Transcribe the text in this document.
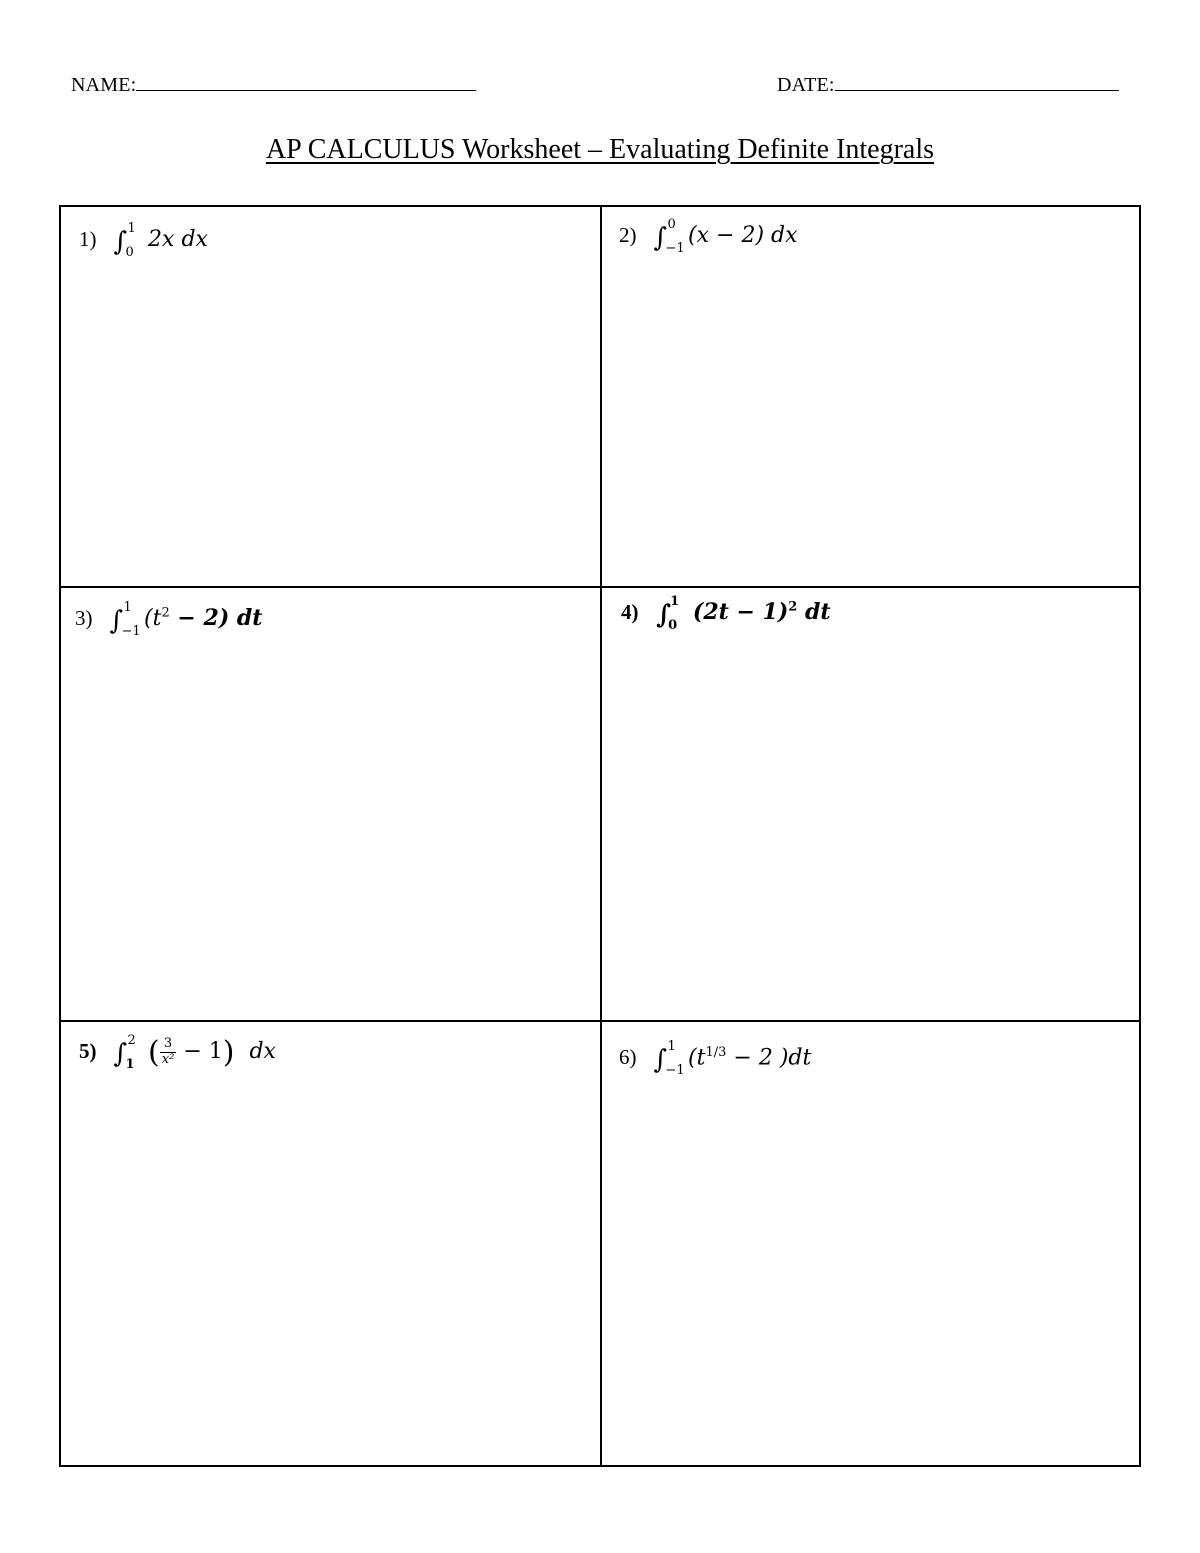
NAME:	DATE:
AP CALCULUS Worksheet – Evaluating Definite Integrals
1) ∫ 1
0
2x dx	2) ∫ 0
−1
(x − 2) dx
3) ∫ 1
−1
$(t^2 - 2)$ dt	4) ∫
1
0
$(2t - 1)^2$ dt
5) ∫ 2
1 ( $\frac{3}{\text{x²}} - 1$) dx	6) ∫ 1
−1
($t^{1/3} - 2$ )dt
